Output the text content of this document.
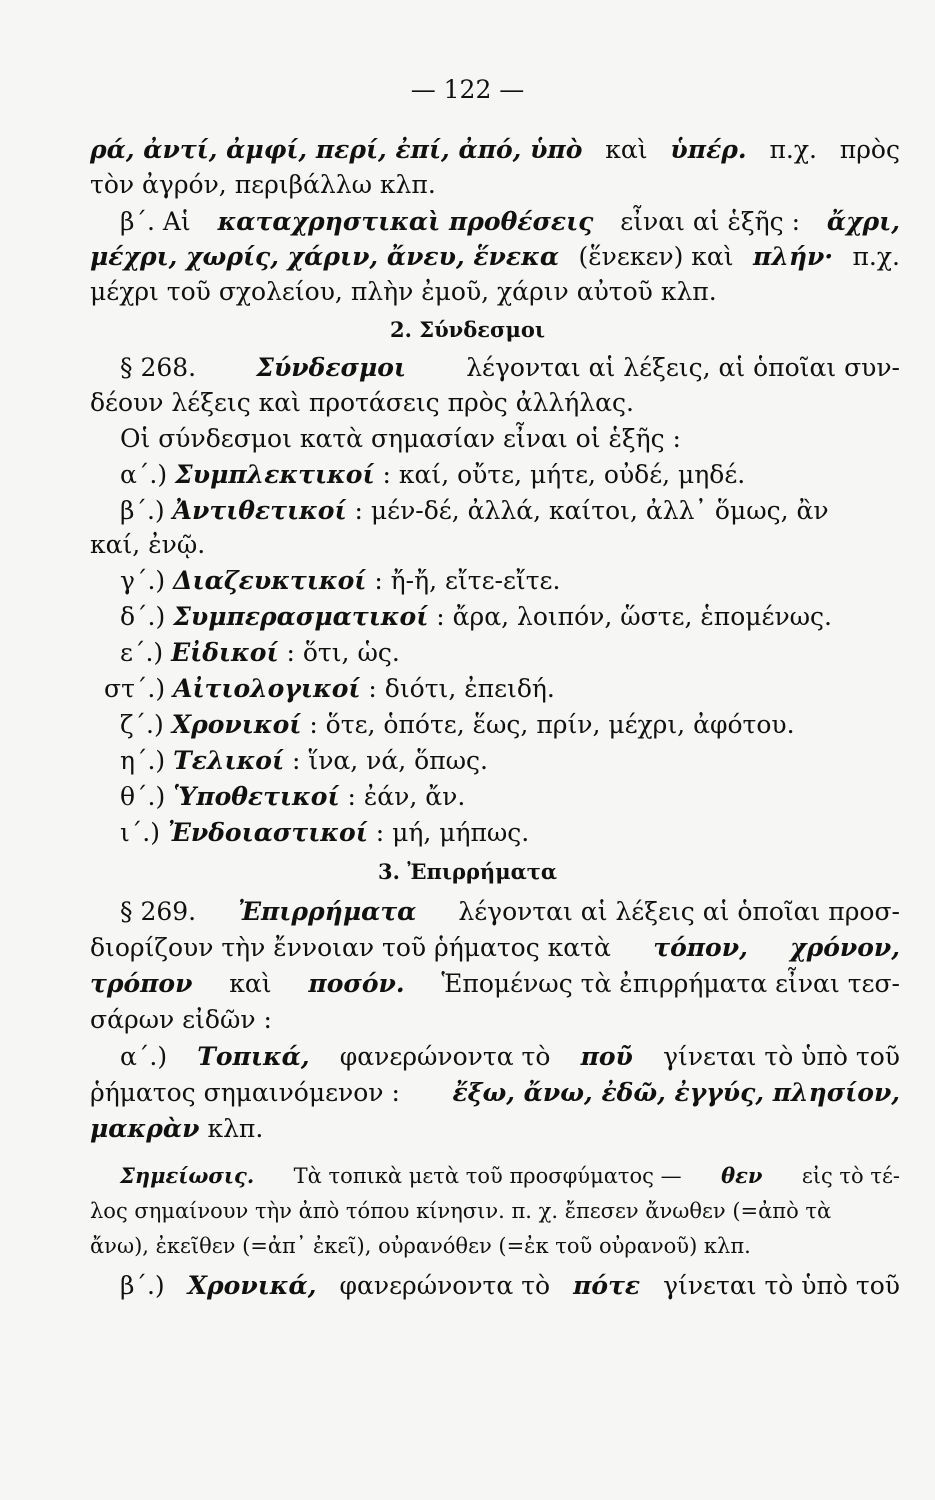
— 122 —
ρά, ἀντί, ἀμφί, περί, ἐπί, ἀπό, ὑπὸ καὶ ὑπέρ. π.χ. πρὸς
τὸν ἀγρόν, περιβάλλω κλπ.
β΄. Αἱ καταχρηστικαὶ προθέσεις εἶναι αἱ ἑξῆς : ἄχρι,
μέχρι, χωρίς, χάριν, ἄνευ, ἕνεκα (ἕνεκεν) καὶ πλήν· π.χ.
μέχρι τοῦ σχολείου, πλὴν ἐμοῦ, χάριν αὐτοῦ κλπ.
2. Σύνδεσμοι
§ 268. Σύνδεσμοι λέγονται αἱ λέξεις, αἱ ὁποῖαι συν-
δέουν λέξεις καὶ προτάσεις πρὸς ἀλλήλας.
Οἱ σύνδεσμοι κατὰ σημασίαν εἶναι οἱ ἑξῆς :
α΄.) Συμπλεκτικοί : καί, οὔτε, μήτε, οὐδέ, μηδέ.
β΄.) Ἀντιθετικοί : μέν-δέ, ἀλλά, καίτοι, ἀλλ᾽ ὅμως, ἂν
καί, ἐνῷ.
γ΄.) Διαζευκτικοί : ἤ-ἤ, εἴτε-εἴτε.
δ΄.) Συμπερασματικοί : ἄρα, λοιπόν, ὥστε, ἑπομένως.
ε΄.) Εἰδικοί : ὅτι, ὡς.
στ΄.) Αἰτιολογικοί : διότι, ἐπειδή.
ζ΄.) Χρονικοί : ὅτε, ὁπότε, ἕως, πρίν, μέχρι, ἀφότου.
η΄.) Τελικοί : ἵνα, νά, ὅπως.
θ΄.) Ὑποθετικοί : ἐάν, ἄν.
ι΄.) Ἐνδοιαστικοί : μή, μήπως.
3. Ἐπιρρήματα
§ 269. Ἐπιρρήματα λέγονται αἱ λέξεις αἱ ὁποῖαι προσ-
διορίζουν τὴν ἔννοιαν τοῦ ῥήματος κατὰ τόπον, χρόνον,
τρόπον καὶ ποσόν. Ἑπομένως τὰ ἐπιρρήματα εἶναι τεσ-
σάρων εἰδῶν :
α΄.) Τοπικά, φανερώνοντα τὸ ποῦ γίνεται τὸ ὑπὸ τοῦ
ῥήματος σημαινόμενον : ἔξω, ἄνω, ἐδῶ, ἐγγύς, πλησίον,
μακρὰν κλπ.
Σημείωσις. Τὰ τοπικὰ μετὰ τοῦ προσφύματος — θεν εἰς τὸ τέ-
λος σημαίνουν τὴν ἀπὸ τόπου κίνησιν. π. χ. ἔπεσεν ἄνωθεν (=ἀπὸ τὰ
ἄνω), ἐκεῖθεν (=ἀπ᾽ ἐκεῖ), οὐρανόθεν (=ἐκ τοῦ οὐρανοῦ) κλπ.
β΄.) Χρονικά, φανερώνοντα τὸ πότε γίνεται τὸ ὑπὸ τοῦ
